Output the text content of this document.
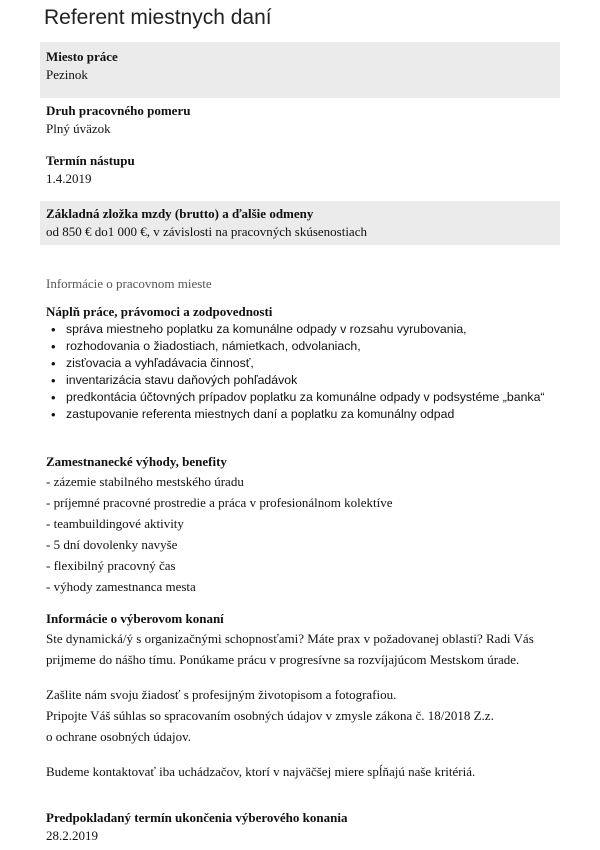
Referent miestnych daní
Miesto práce
Pezinok
Druh pracovného pomeru
Plný úväzok
Termín nástupu
1.4.2019
Základná zložka mzdy (brutto) a ďalšie odmeny
od 850 € do1 000 €, v závislosti na pracovných skúsenostiach
Informácie o pracovnom mieste
Náplň práce, právomoci a zodpovednosti
• správa miestneho poplatku za komunálne odpady v rozsahu vyrubovania,
• rozhodovania o žiadostiach, námietkach, odvolaniach,
• zisťovacia a vyhľadávacia činnosť,
• inventarizácia stavu daňových pohľadávok
• predkontácia účtovných prípadov poplatku za komunálne odpady v podsystéme „banka“
• zastupovanie referenta miestnych daní a poplatku za komunálny odpad
Zamestnanecké výhody, benefity
- zázemie stabilného mestského úradu
- príjemné pracovné prostredie a práca v profesionálnom kolektíve
- teambuildingové aktivity
- 5 dní dovolenky navyše
- flexibilný pracovný čas
- výhody zamestnanca mesta
Informácie o výberovom konaní
Ste dynamická/ý s organizačnými schopnosťami? Máte prax v požadovanej oblasti? Radi Vás
prijmeme do nášho tímu. Ponúkame prácu v progresívne sa rozvíjajúcom Mestskom úrade.
Zašlite nám svoju žiadosť s profesijným životopisom a fotografiou.
Pripojte Váš súhlas so spracovaním osobných údajov v zmysle zákona č. 18/2018 Z.z.
o ochrane osobných údajov.
Budeme kontaktovať iba uchádzačov, ktorí v najväčšej miere spĺňajú naše kritériá.
Predpokladaný termín ukončenia výberového konania
28.2.2019
